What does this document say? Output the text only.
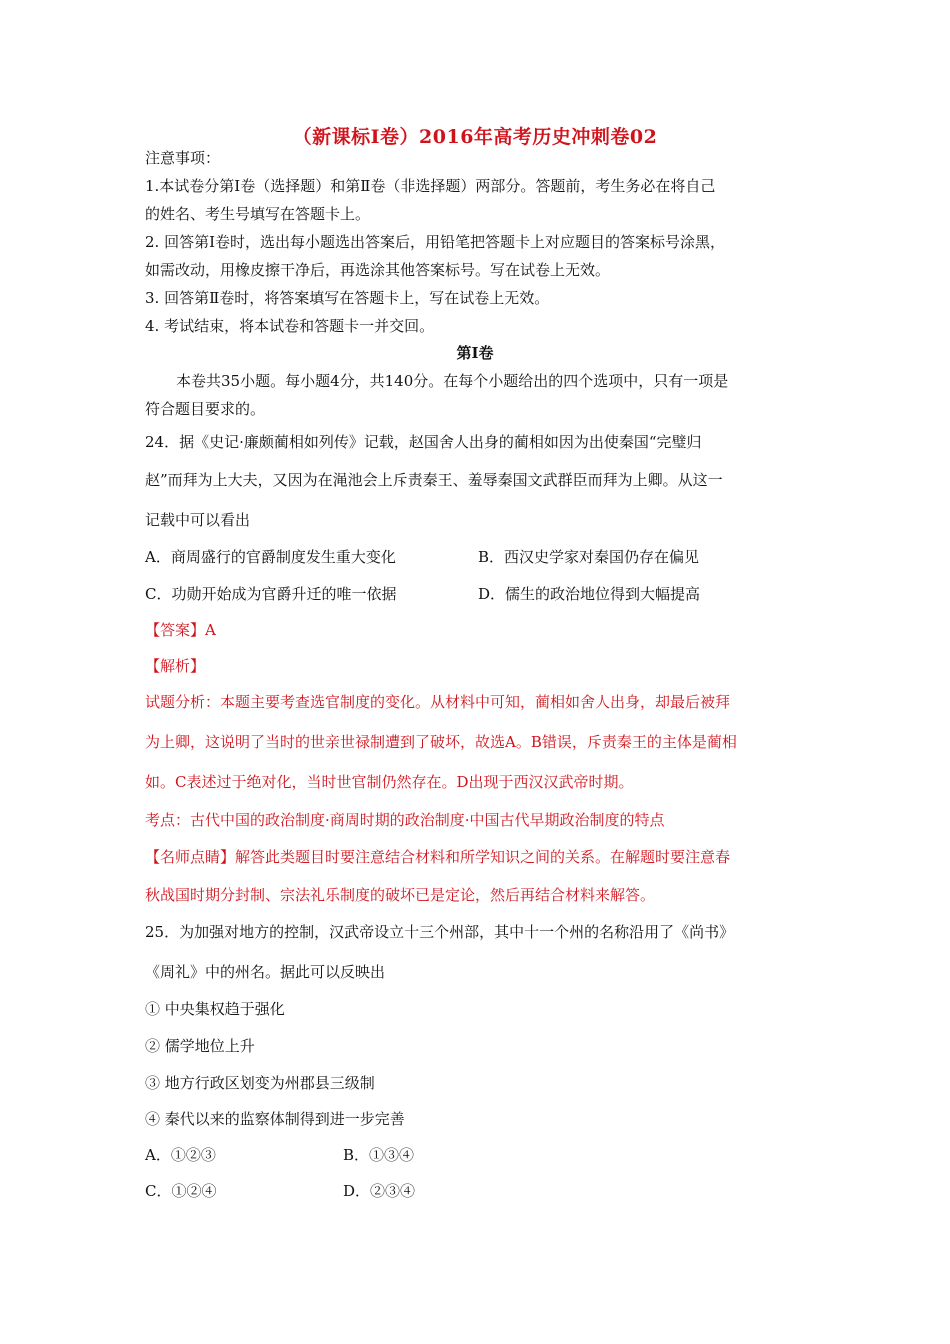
（新课标Ⅰ卷）2016年高考历史冲刺卷02
注意事项：
1.本试卷分第Ⅰ卷（选择题）和第Ⅱ卷（非选择题）两部分。答题前，考生务必在将自己
的姓名、考生号填写在答题卡上。
2. 回答第Ⅰ卷时，选出每小题选出答案后，用铅笔把答题卡上对应题目的答案标号涂黑，
如需改动，用橡皮擦干净后，再选涂其他答案标号。写在试卷上无效。
3. 回答第Ⅱ卷时，将答案填写在答题卡上，写在试卷上无效。
4. 考试结束，将本试卷和答题卡一并交回。
第Ⅰ卷
本卷共35小题。每小题4分，共140分。在每个小题给出的四个选项中，只有一项是
符合题目要求的。
24．据《史记·廉颇蔺相如列传》记载，赵国舍人出身的蔺相如因为出使秦国“完璧归
赵”而拜为上大夫，又因为在渑池会上斥责秦王、羞辱秦国文武群臣而拜为上卿。从这一
记载中可以看出
A．商周盛行的官爵制度发生重大变化	B．西汉史学家对秦国仍存在偏见
C．功勋开始成为官爵升迁的唯一依据	D．儒生的政治地位得到大幅提高
【答案】A
【解析】
试题分析：本题主要考查选官制度的变化。从材料中可知，蔺相如舍人出身，却最后被拜
为上卿，这说明了当时的世亲世禄制遭到了破坏，故选A。B错误，斥责秦王的主体是蔺相
如。C表述过于绝对化，当时世官制仍然存在。D出现于西汉汉武帝时期。
考点：古代中国的政治制度·商周时期的政治制度·中国古代早期政治制度的特点
【名师点睛】解答此类题目时要注意结合材料和所学知识之间的关系。在解题时要注意春
秋战国时期分封制、宗法礼乐制度的破坏已是定论，然后再结合材料来解答。
25．为加强对地方的控制，汉武帝设立十三个州部，其中十一个州的名称沿用了《尚书》
《周礼》中的州名。据此可以反映出
① 中央集权趋于强化
② 儒学地位上升
③ 地方行政区划变为州郡县三级制
④ 秦代以来的监察体制得到进一步完善
A．①②③	B．①③④
C．①②④	D．②③④
